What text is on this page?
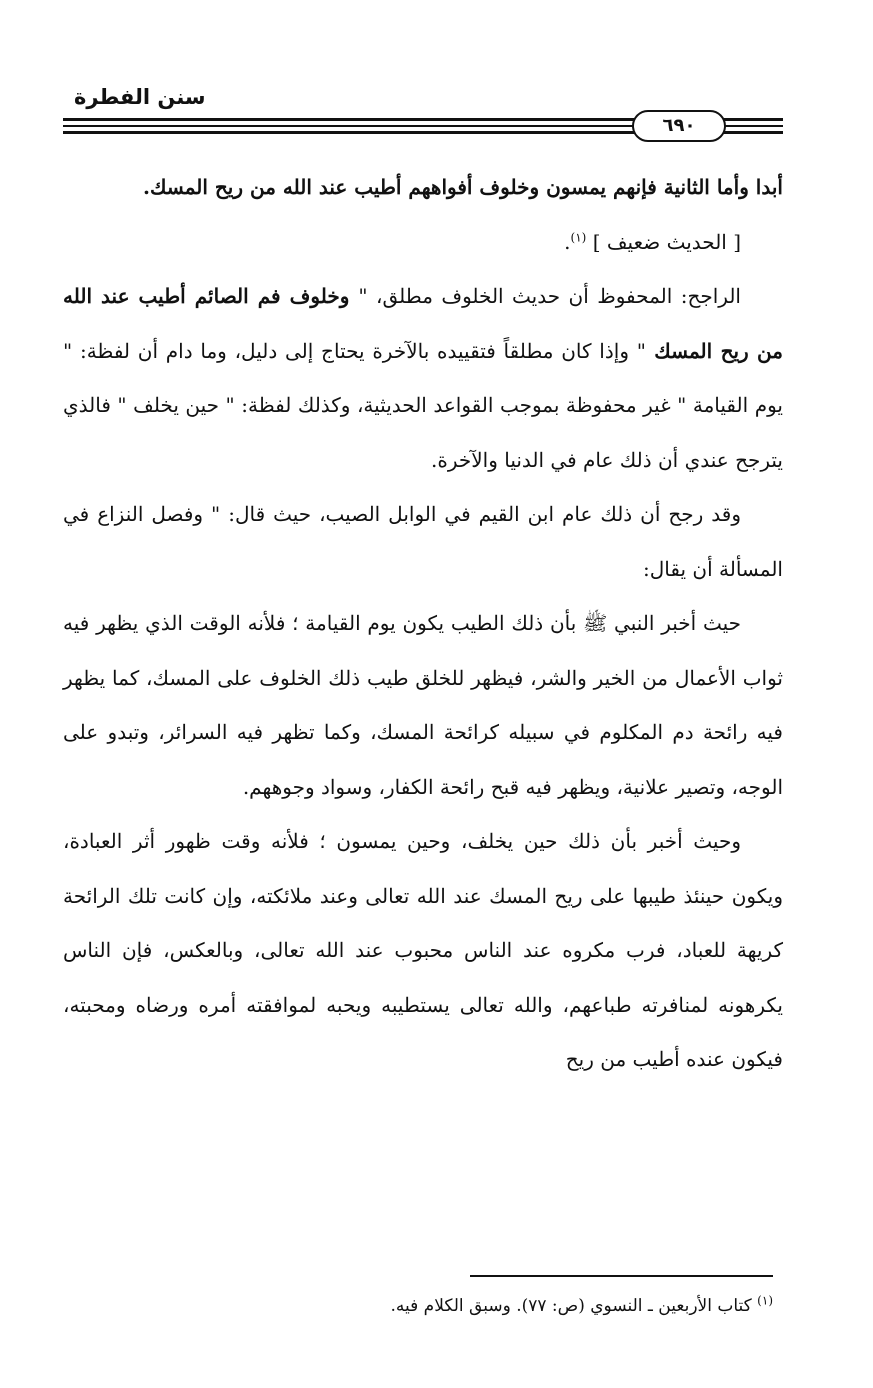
سنن الفطرة
٦٩٠

أبدا وأما الثانية فإنهم يمسون وخلوف أفواههم أطيب عند الله من ريح المسك.

[ الحديث ضعيف ] $^{(١)}$.

الراجح: المحفوظ أن حديث الخلوف مطلق، " وخلوف فم الصائم أطيب عند الله من ريح المسك " وإذا كان مطلقاً فتقييده بالآخرة يحتاج إلى دليل، وما دام أن لفظة: " يوم القيامة " غير محفوظة بموجب القواعد الحديثية، وكذلك لفظة: " حين يخلف " فالذي يترجح عندي أن ذلك عام في الدنيا والآخرة.

وقد رجح أن ذلك عام ابن القيم في الوابل الصيب، حيث قال: " وفصل النزاع في المسألة أن يقال:

حيث أخبر النبي ﷺ بأن ذلك الطيب يكون يوم القيامة ؛ فلأنه الوقت الذي يظهر فيه ثواب الأعمال من الخير والشر، فيظهر للخلق طيب ذلك الخلوف على المسك، كما يظهر فيه رائحة دم المكلوم في سبيله كرائحة المسك، وكما تظهر فيه السرائر، وتبدو على الوجه، وتصير علانية، ويظهر فيه قبح رائحة الكفار، وسواد وجوههم.

وحيث أخبر بأن ذلك حين يخلف، وحين يمسون ؛ فلأنه وقت ظهور أثر العبادة، ويكون حينئذ طيبها على ريح المسك عند الله تعالى وعند ملائكته، وإن كانت تلك الرائحة كريهة للعباد، فرب مكروه عند الناس محبوب عند الله تعالى، وبالعكس، فإن الناس يكرهونه لمنافرته طباعهم، والله تعالى يستطيبه ويحبه لموافقته أمره ورضاه ومحبته، فيكون عنده أطيب من ريح

$^{(١)}$ كتاب الأربعين ـ النسوي (ص: ٧٧). وسبق الكلام فيه.
